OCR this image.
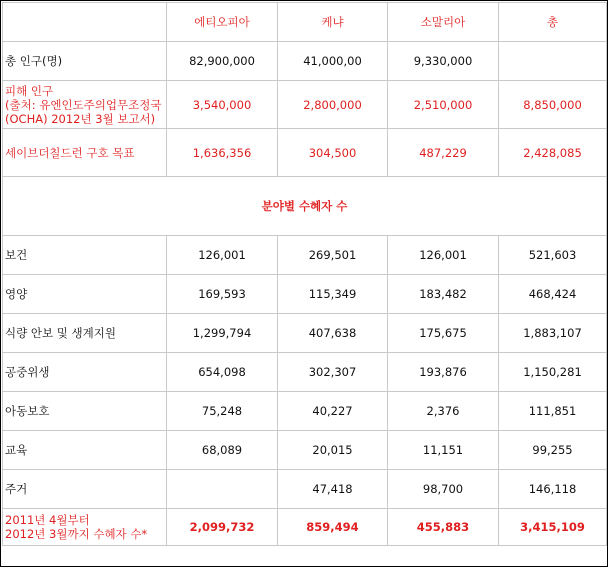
	에티오피아	케냐	소말리아	총
총 인구(명)	82,900,000	41,000,00	9,330,000	

피해 인구
(출처: 유엔인도주의업무조정국
(OCHA) 2012년 3월 보고서)	3,540,000	2,800,000	2,510,000	8,850,000
세이브더칠드런 구호 목표	1,636,356	304,500	487,229	2,428,085
분야별 수혜자 수				
보건	126,001	269,501	126,001	521,603
영양	169,593	115,349	183,482	468,424
식량 안보 및 생계지원	1,299,794	407,638	175,675	1,883,107
공중위생	654,098	302,307	193,876	1,150,281
아동보호	75,248	40,227	2,376	111,851
교육	68,089	20,015	11,151	99,255
주거		47,418	98,700	146,118

2011년 4월부터
2012년 3월까지 수혜자 수*	2,099,732	859,494	455,883	3,415,109
